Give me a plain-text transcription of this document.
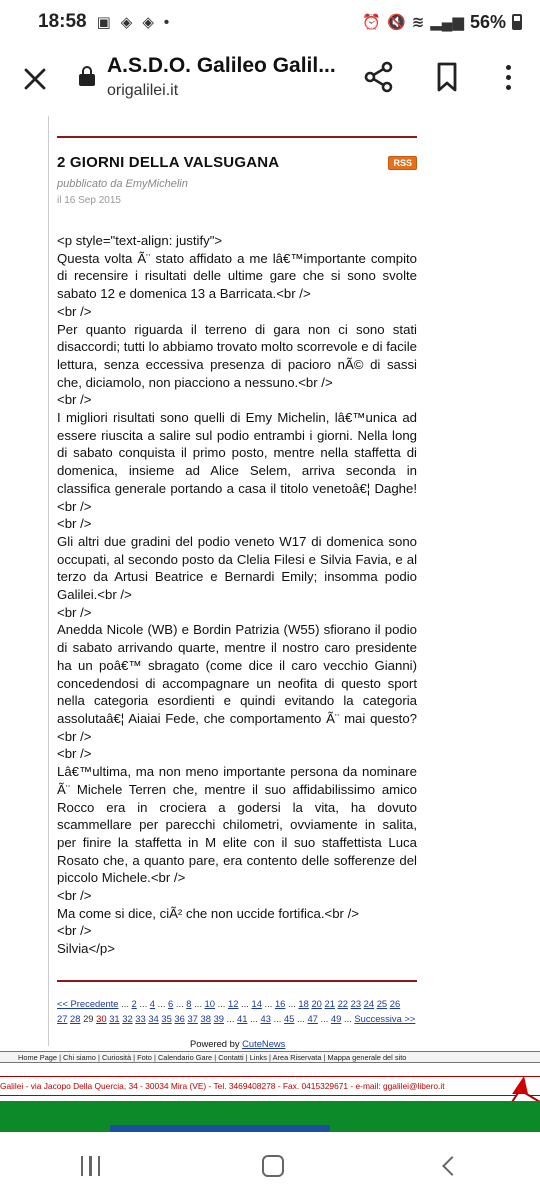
18:58 ▣ ◈ ◈ •	⏰ 🔇 ≋ ▂▄▆ 56%
A.S.D.O. Galileo Galil...
origalilei.it
2 GIORNI DELLA VALSUGANA	RSS
pubblicato da EmyMichelin
il 16 Sep 2015

<p style="text-align: justify">

Questa volta Ã¨ stato affidato a me lâ€™importante compito di recensire i risultati delle ultime gare che si sono svolte sabato 12 e domenica 13 a Barricata.<br />

<br />

Per quanto riguarda il terreno di gara non ci sono stati disaccordi; tutti lo abbiamo trovato molto scorrevole e di facile lettura, senza eccessiva presenza di pacioro nÃ© di sassi che, diciamolo, non piacciono a nessuno.<br />

<br />

I migliori risultati sono quelli di Emy Michelin, lâ€™unica ad essere riuscita a salire sul podio entrambi i giorni. Nella long di sabato conquista il primo posto, mentre nella staffetta di domenica, insieme ad Alice Selem, arriva seconda in classifica generale portando a casa il titolo venetoâ€¦ Daghe!<br />

<br />

Gli altri due gradini del podio veneto W17 di domenica sono occupati, al secondo posto da Clelia Filesi e Silvia Favia, e al terzo da Artusi Beatrice e Bernardi Emily; insomma podio Galilei.<br />

<br />

Anedda Nicole (WB) e Bordin Patrizia (W55) sfiorano il podio di sabato arrivando quarte, mentre il nostro caro presidente ha un poâ€™ sbragato (come dice il caro vecchio Gianni) concedendosi di accompagnare un neofita di questo sport nella categoria esordienti e quindi evitando la categoria assolutaâ€¦ Aiaiai Fede, che comportamento Ã¨ mai questo?<br />

<br />

Lâ€™ultima, ma non meno importante persona da nominare Ã¨ Michele Terren che, mentre il suo affidabilissimo amico Rocco era in crociera a godersi la vita, ha dovuto scammellare per parecchi chilometri, ovviamente in salita, per finire la staffetta in M elite con il suo staffettista Luca Rosato che, a quanto pare, era contento delle sofferenze del piccolo Michele.<br />

<br />

Ma come si dice, ciÃ² che non uccide fortifica.<br />

<br />

Silvia</p>

<< Precedente ... 2 ... 4 ... 6 ... 8 ... 10 ... 12 ... 14 ... 16 ... 18 20 21 22 23 24 25 26
27 28 29 30 31 32 33 34 35 36 37 38 39 ... 41 ... 43 ... 45 ... 47 ... 49 ... Successiva >>
Powered by CuteNews
Home Page | Chi siamo | Curiosità | Foto | Calendario Gare | Contatti | Links | Area Riservata | Mappa generale del sito
Galilei - via Jacopo Della Quercia, 34 - 30034 Mira (VE) - Tel. 3469408278 - Fax. 0415329671 - e-mail: ggalilei@libero.it
